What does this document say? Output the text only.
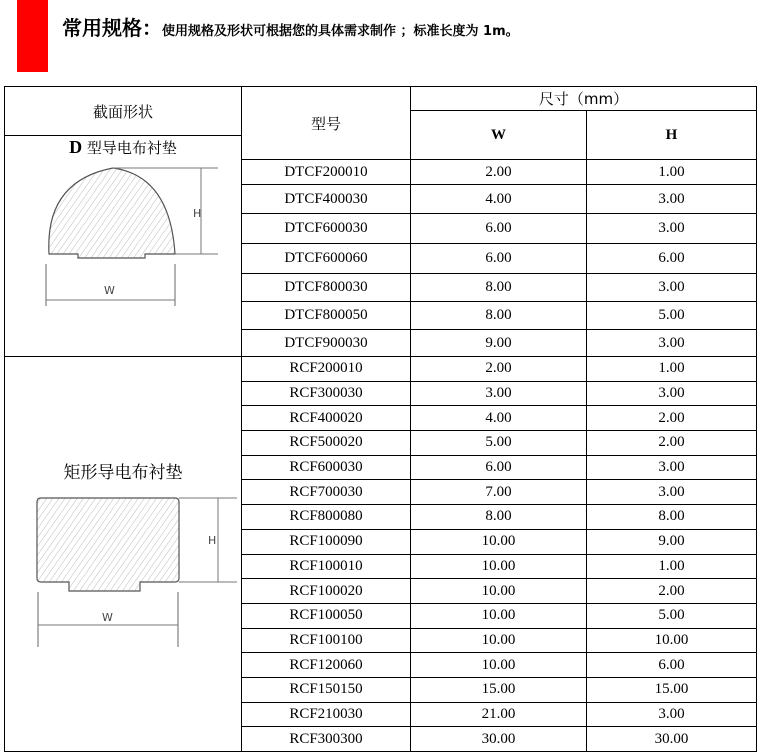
常用规格：使用规格及形状可根据您的具体需求制作 ；标准长度为 1m。
截面形状	型号	尺寸（mm）	
		W	H
D 型导电布衬垫			

H
W	DTCF200010	2.00	1.00
	DTCF400030	4.00	3.00
	DTCF600030	6.00	3.00
	DTCF600060	6.00	6.00
	DTCF800030	8.00	3.00
	DTCF800050	8.00	5.00
	DTCF900030	9.00	3.00

矩形导电布衬垫
H
W	RCF200010	2.00	1.00
	RCF300030	3.00	3.00
	RCF400020	4.00	2.00
	RCF500020	5.00	2.00
	RCF600030	6.00	3.00
	RCF700030	7.00	3.00
	RCF800080	8.00	8.00
	RCF100090	10.00	9.00
	RCF100010	10.00	1.00
	RCF100020	10.00	2.00
	RCF100050	10.00	5.00
	RCF100100	10.00	10.00
	RCF120060	10.00	6.00
	RCF150150	15.00	15.00
	RCF210030	21.00	3.00
	RCF300300	30.00	30.00
